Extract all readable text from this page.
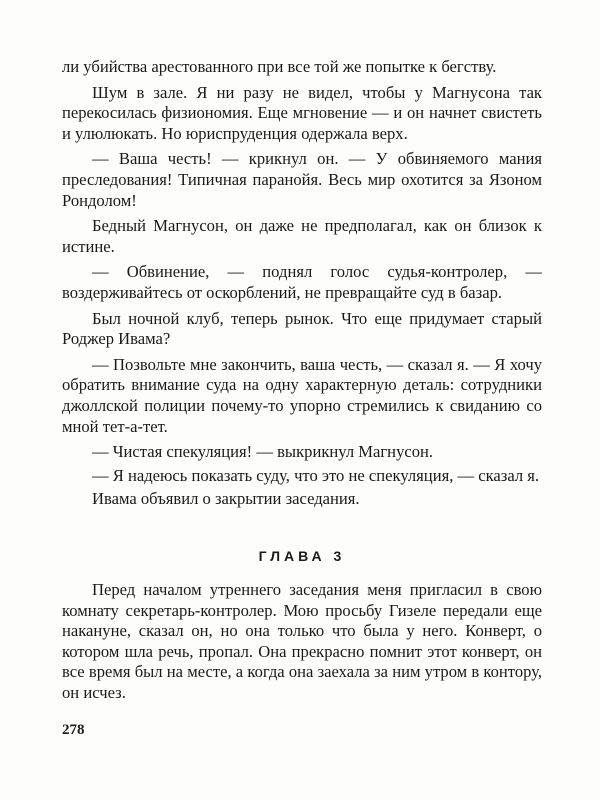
ли убийства арестованного при все той же попытке к бегству.

Шум в зале. Я ни разу не видел, чтобы у Магнусона так перекосилась физиономия. Еще мгновение — и он начнет свистеть и улюлюкать. Но юриспруденция одержала верх.

— Ваша честь! — крикнул он. — У обвиняемого мания преследования! Типичная паранойя. Весь мир охотится за Язоном Рондолом!

Бедный Магнусон, он даже не предполагал, как он близок к истине.

— Обвинение, — поднял голос судья-контролер, — воздерживайтесь от оскорблений, не превращайте суд в базар.

Был ночной клуб, теперь рынок. Что еще придумает старый Роджер Ивама?

— Позвольте мне закончить, ваша честь, — сказал я. — Я хочу обратить внимание суда на одну характерную деталь: сотрудники джоллской полиции почему-то упорно стремились к свиданию со мной тет-а-тет.

— Чистая спекуляция! — выкрикнул Магнусон.

— Я надеюсь показать суду, что это не спекуляция, — сказал я.

Ивама объявил о закрытии заседания.

ГЛАВА 3

Перед началом утреннего заседания меня пригласил в свою комнату секретарь-контролер. Мою просьбу Гизеле передали еще накануне, сказал он, но она только что была у него. Конверт, о котором шла речь, пропал. Она прекрасно помнит этот конверт, он все время был на месте, а когда она заехала за ним утром в контору, он исчез.

278
